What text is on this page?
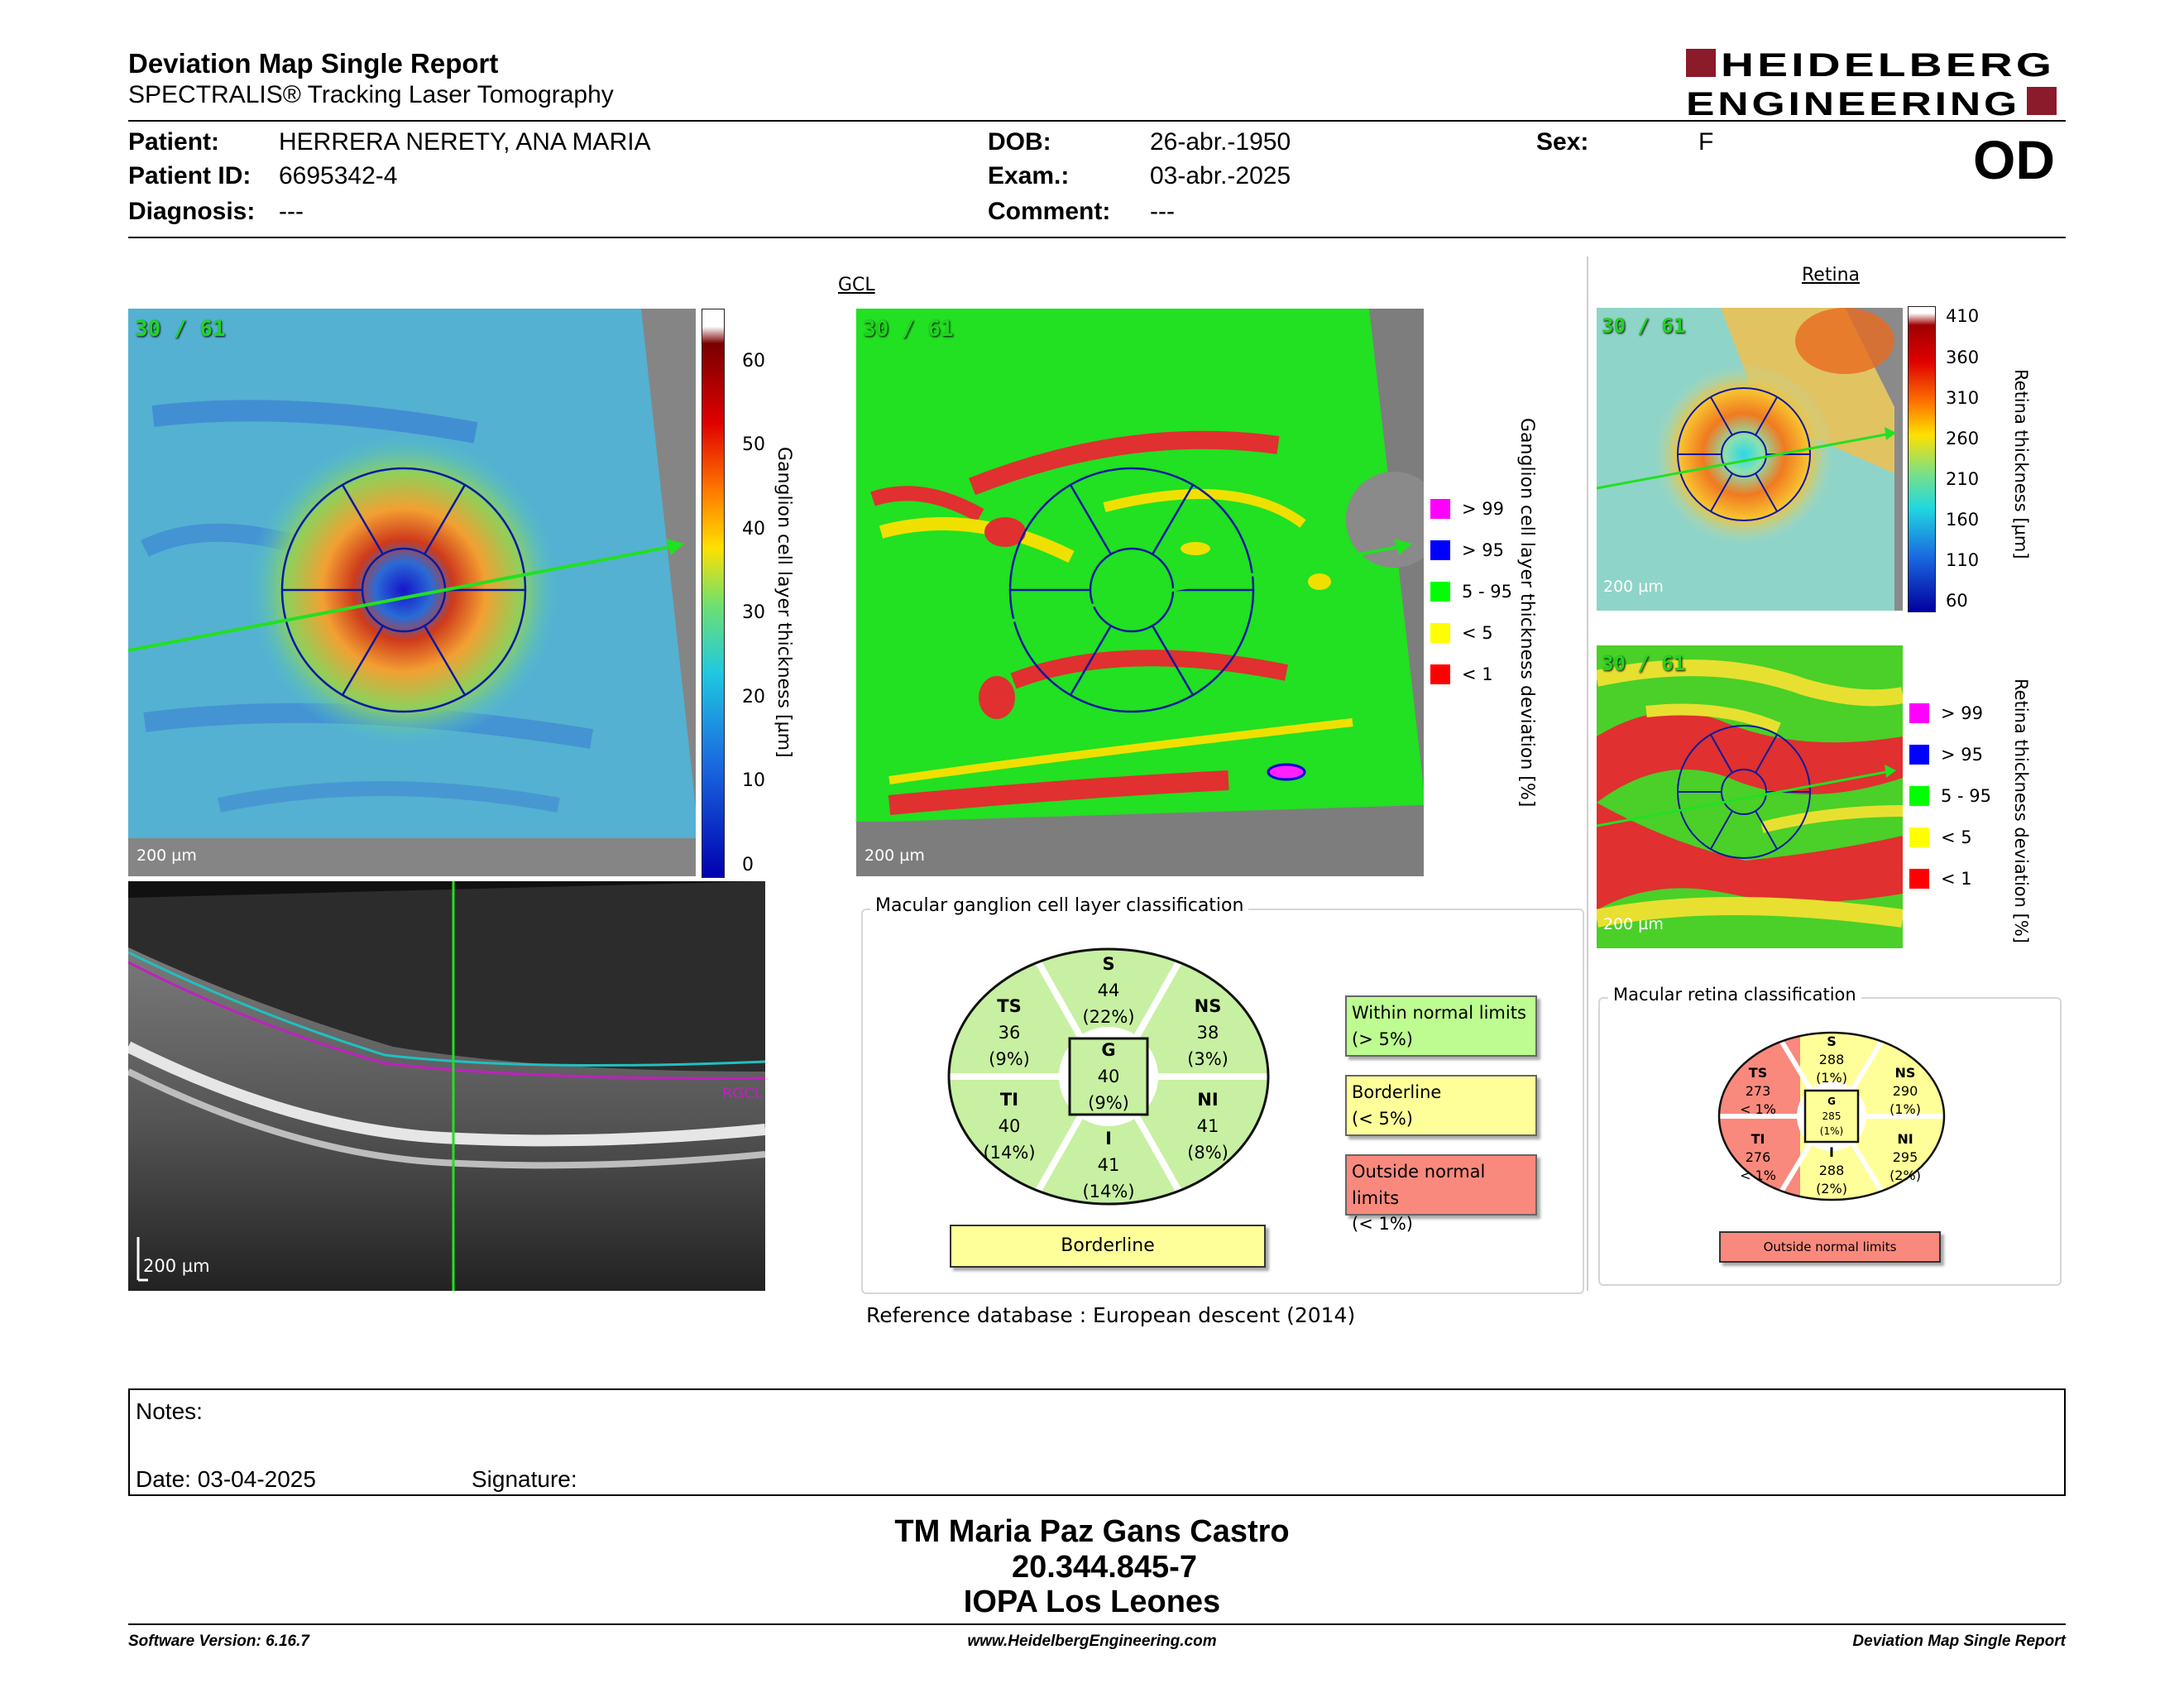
Deviation Map Single Report
SPECTRALIS® Tracking Laser Tomography
HEIDELBERG
ENGINEERING
Patient: HERRERA NERETY, ANA MARIA
Patient ID: 6695342-4
Diagnosis: ---
DOB:	26-abr.-1950
Exam.:	03-abr.-2025
Comment: ---
Sex:	F	OD
30 / 61
200 µm
60
50
40
30
20
10
0
Ganglion cell layer thickness [µm]
GCL
30 / 61
200 µm
> 99
> 95
5 - 95
< 5
< 1 Ganglion cell layer thickness deviation [%]
RGCL
200 µm
Macular ganglion cell layer classification
S
44
(22%)
TS
36
(9%)
NS
38
(3%)
G
40
(9%)
TI
40
(14%)
NI
41
(8%)
I
41
(14%)
Borderline
Within normal limits
(> 5%)
Borderline
(< 5%)
Outside normal limits
(< 1%)
Reference database : European descent (2014)
Retina
30 / 61
200 µm
410
360
310
260
210
160
110
60
Retina thickness [µm]
30 / 61
200 µm
> 99
> 95
5 - 95
< 5
< 1 Retina thickness deviation [%]
Macular retina classification
S
288
(1%)
TS
273
< 1%
NS
290
(1%)
G
285
(1%)
TI
276
< 1%
NI
295
(2%)
I
288
(2%)
Outside normal limits
Notes:
Date: 03-04-2025	Signature:
TM Maria Paz Gans Castro
20.344.845-7
IOPA Los Leones
Software Version: 6.16.7	www.HeidelbergEngineering.com	Deviation Map Single Report
